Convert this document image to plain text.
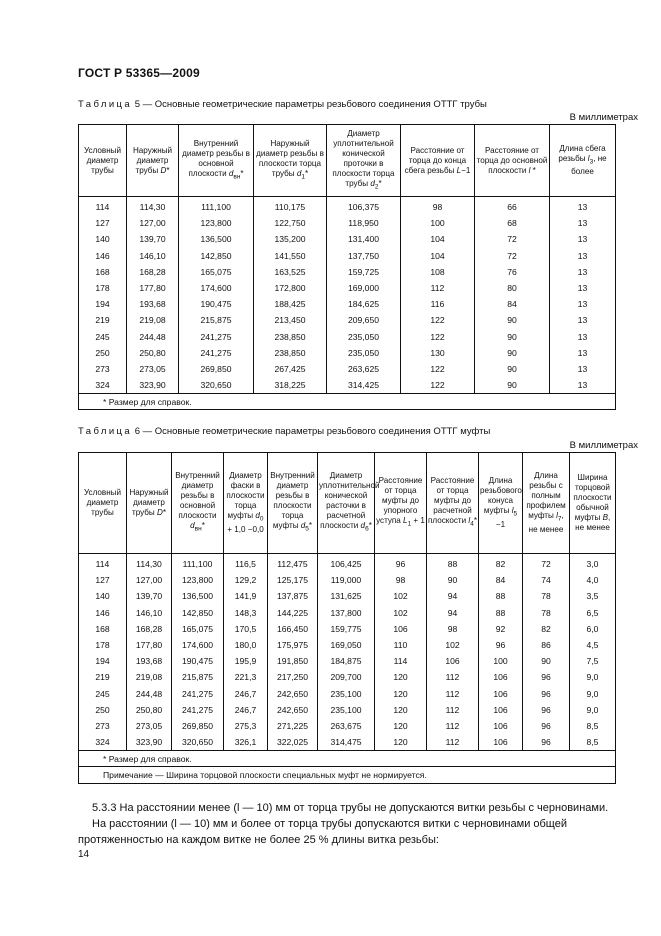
ГОСТ Р 53365—2009
Таблица 5 — Основные геометрические параметры резьбового соединения ОТТГ трубы
В миллиметрах
Условный диаметр трубы	Наружный диаметр трубы D*	Внутренний диаметр резьбы в основной плоскости $d_{вн}*$	Наружный диаметр резьбы в плоскости торца трубы $d_1*$	Диаметр уплотнительной конической проточки в плоскости торца трубы $d_2*$	Расстояние от торца до конца сбега резьбы L−1	Расстояние от торца до основной плоскости l *	Длина сбега резьбы $l_3$, не более
114	114,30	111,100	110,175	106,375	98	66	13
127	127,00	123,800	122,750	118,950	100	68	13
140	139,70	136,500	135,200	131,400	104	72	13
146	146,10	142,850	141,550	137,750	104	72	13
168	168,28	165,075	163,525	159,725	108	76	13
178	177,80	174,600	172,800	169,000	112	80	13
194	193,68	190,475	188,425	184,625	116	84	13
219	219,08	215,875	213,450	209,650	122	90	13
245	244,48	241,275	238,850	235,050	122	90	13
250	250,80	241,275	238,850	235,050	130	90	13
273	273,05	269,850	267,425	263,625	122	90	13
324	323,90	320,650	318,225	314,425	122	90	13
* Размер для справок.							
Таблица 6 — Основные геометрические параметры резьбового соединения ОТТГ муфты
В миллиметрах
Условный диаметр трубы	Наружный диаметр трубы D*	Внутренний диаметр резьбы в основной плоскости $d_{вн}*$	Диаметр фаски в плоскости торца муфты $d_0 + 1,0 -0,0$	Внутренний диаметр резьбы в плоскости торца муфты $d_5*$	Диаметр уплотнительной конической расточки в расчетной плоскости $d_6*$	Расстояние от торца муфты до упорного уступа $L_1 + 1$	Расстояние от торца муфты до расчетной плоскости $l_4*$	Длина резьбового конуса муфты $l_5 -1$	Длина резьбы с полным профилем муфты $l_7$, не менее	Ширина торцовой плоскости обычной муфты B, не менее
114	114,30	111,100	116,5	112,475	106,425	96	88	82	72	3,0
127	127,00	123,800	129,2	125,175	119,000	98	90	84	74	4,0
140	139,70	136,500	141,9	137,875	131,625	102	94	88	78	3,5
146	146,10	142,850	148,3	144,225	137,800	102	94	88	78	6,5
168	168,28	165,075	170,5	166,450	159,775	106	98	92	82	6,0
178	177,80	174,600	180,0	175,975	169,050	110	102	96	86	4,5
194	193,68	190,475	195,9	191,850	184,875	114	106	100	90	7,5
219	219,08	215,875	221,3	217,250	209,700	120	112	106	96	9,0
245	244,48	241,275	246,7	242,650	235,100	120	112	106	96	9,0
250	250,80	241,275	246,7	242,650	235,100	120	112	106	96	9,0
273	273,05	269,850	275,3	271,225	263,675	120	112	106	96	8,5
324	323,90	320,650	326,1	322,025	314,475	120	112	106	96	8,5
* Размер для справок.										
Примечание — Ширина торцовой плоскости специальных муфт не нормируется.										
5.3.3 На расстоянии менее (l — 10) мм от торца трубы не допускаются витки резьбы с черновинами.
На расстоянии (l — 10) мм и более от торца трубы допускаются витки с черновинами общей протяженностью на каждом витке не более 25 % длины витка резьбы:
14
